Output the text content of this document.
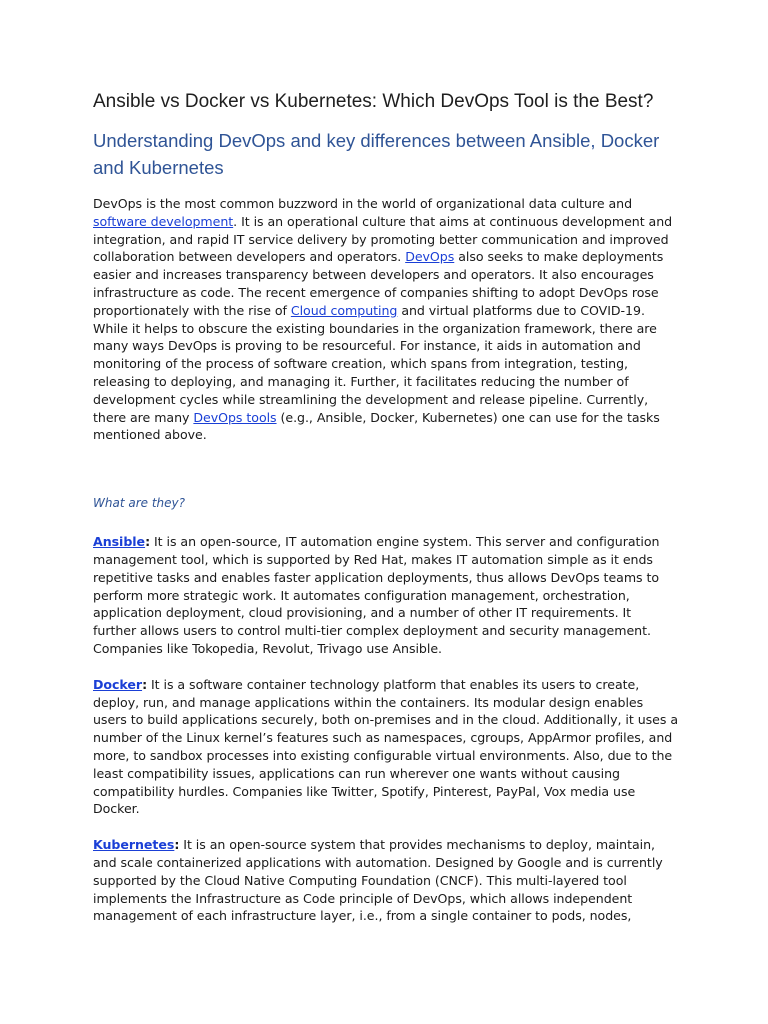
Ansible vs Docker vs Kubernetes: Which DevOps Tool is the Best?
Understanding DevOps and key differences between Ansible, Docker and Kubernetes

DevOps is the most common buzzword in the world of organizational data culture and software development. It is an operational culture that aims at continuous development and integration, and rapid IT service delivery by promoting better communication and improved collaboration between developers and operators. DevOps also seeks to make deployments easier and increases transparency between developers and operators. It also encourages infrastructure as code. The recent emergence of companies shifting to adopt DevOps rose proportionately with the rise of Cloud computing and virtual platforms due to COVID-19. While it helps to obscure the existing boundaries in the organization framework, there are many ways DevOps is proving to be resourceful. For instance, it aids in automation and monitoring of the process of software creation, which spans from integration, testing, releasing to deploying, and managing it. Further, it facilitates reducing the number of development cycles while streamlining the development and release pipeline. Currently, there are many DevOps tools (e.g., Ansible, Docker, Kubernetes) one can use for the tasks mentioned above.

What are they?

Ansible: It is an open-source, IT automation engine system. This server and configuration management tool, which is supported by Red Hat, makes IT automation simple as it ends repetitive tasks and enables faster application deployments, thus allows DevOps teams to perform more strategic work. It automates configuration management, orchestration, application deployment, cloud provisioning, and a number of other IT requirements. It further allows users to control multi-tier complex deployment and security management. Companies like Tokopedia, Revolut, Trivago use Ansible.

Docker: It is a software container technology platform that enables its users to create, deploy, run, and manage applications within the containers. Its modular design enables users to build applications securely, both on-premises and in the cloud. Additionally, it uses a number of the Linux kernel’s features such as namespaces, cgroups, AppArmor profiles, and more, to sandbox processes into existing configurable virtual environments. Also, due to the least compatibility issues, applications can run wherever one wants without causing compatibility hurdles. Companies like Twitter, Spotify, Pinterest, PayPal, Vox media use Docker.

Kubernetes: It is an open-source system that provides mechanisms to deploy, maintain, and scale containerized applications with automation. Designed by Google and is currently supported by the Cloud Native Computing Foundation (CNCF). This multi-layered tool implements the Infrastructure as Code principle of DevOps, which allows independent management of each infrastructure layer, i.e., from a single container to pods, nodes,
